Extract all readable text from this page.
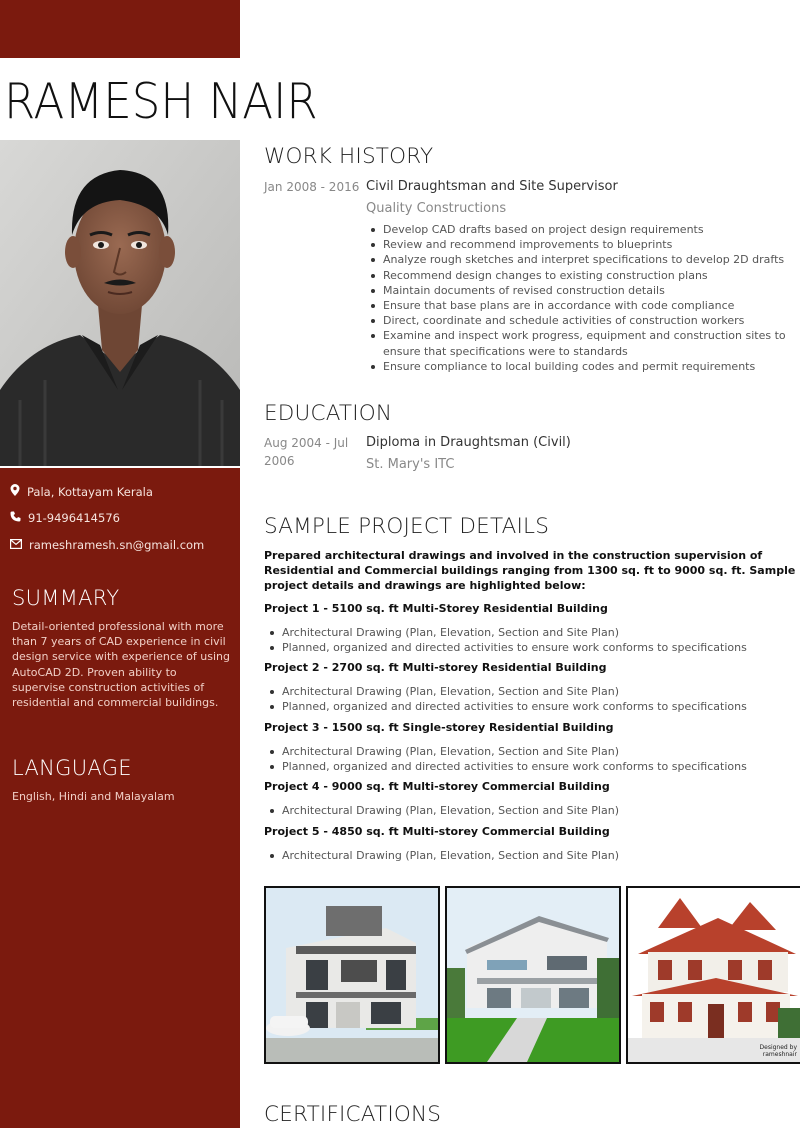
RAMESH NAIR
Pala, Kottayam Kerala
91-9496414576
rameshramesh.sn@gmail.com
SUMMARY
Detail-oriented professional with more than 7 years of CAD experience in civil design service with experience of using AutoCAD 2D. Proven ability to supervise construction activities of residential and commercial buildings.
LANGUAGE
English, Hindi and Malayalam
WORK HISTORY
Jan 2008 - 2016 Civil Draughtsman and Site Supervisor
Quality Constructions
Develop CAD drafts based on project design requirements
Review and recommend improvements to blueprints
Analyze rough sketches and interpret specifications to develop 2D drafts
Recommend design changes to existing construction plans
Maintain documents of revised construction details
Ensure that base plans are in accordance with code compliance
Direct, coordinate and schedule activities of construction workers
Examine and inspect work progress, equipment and construction sites to ensure that specifications were to standards
Ensure compliance to local building codes and permit requirements
EDUCATION
Aug 2004 - Jul 2006
Diploma in Draughtsman (Civil)
St. Mary's ITC
SAMPLE PROJECT DETAILS
Prepared architectural drawings and involved in the construction supervision of Residential and Commercial buildings ranging from 1300 sq. ft to 9000 sq. ft. Sample project details and drawings are highlighted below:
Project 1 - 5100 sq. ft Multi-Storey Residential Building
Architectural Drawing (Plan, Elevation, Section and Site Plan)
Planned, organized and directed activities to ensure work conforms to specifications
Project 2 - 2700 sq. ft Multi-storey Residential Building
Architectural Drawing (Plan, Elevation, Section and Site Plan)
Planned, organized and directed activities to ensure work conforms to specifications
Project 3 - 1500 sq. ft Single-storey Residential Building
Architectural Drawing (Plan, Elevation, Section and Site Plan)
Planned, organized and directed activities to ensure work conforms to specifications
Project 4 - 9000 sq. ft Multi-storey Commercial Building
Architectural Drawing (Plan, Elevation, Section and Site Plan)
Project 5 - 4850 sq. ft Multi-storey Commercial Building
Architectural Drawing (Plan, Elevation, Section and Site Plan)
Designed by rameshnair
CERTIFICATIONS
